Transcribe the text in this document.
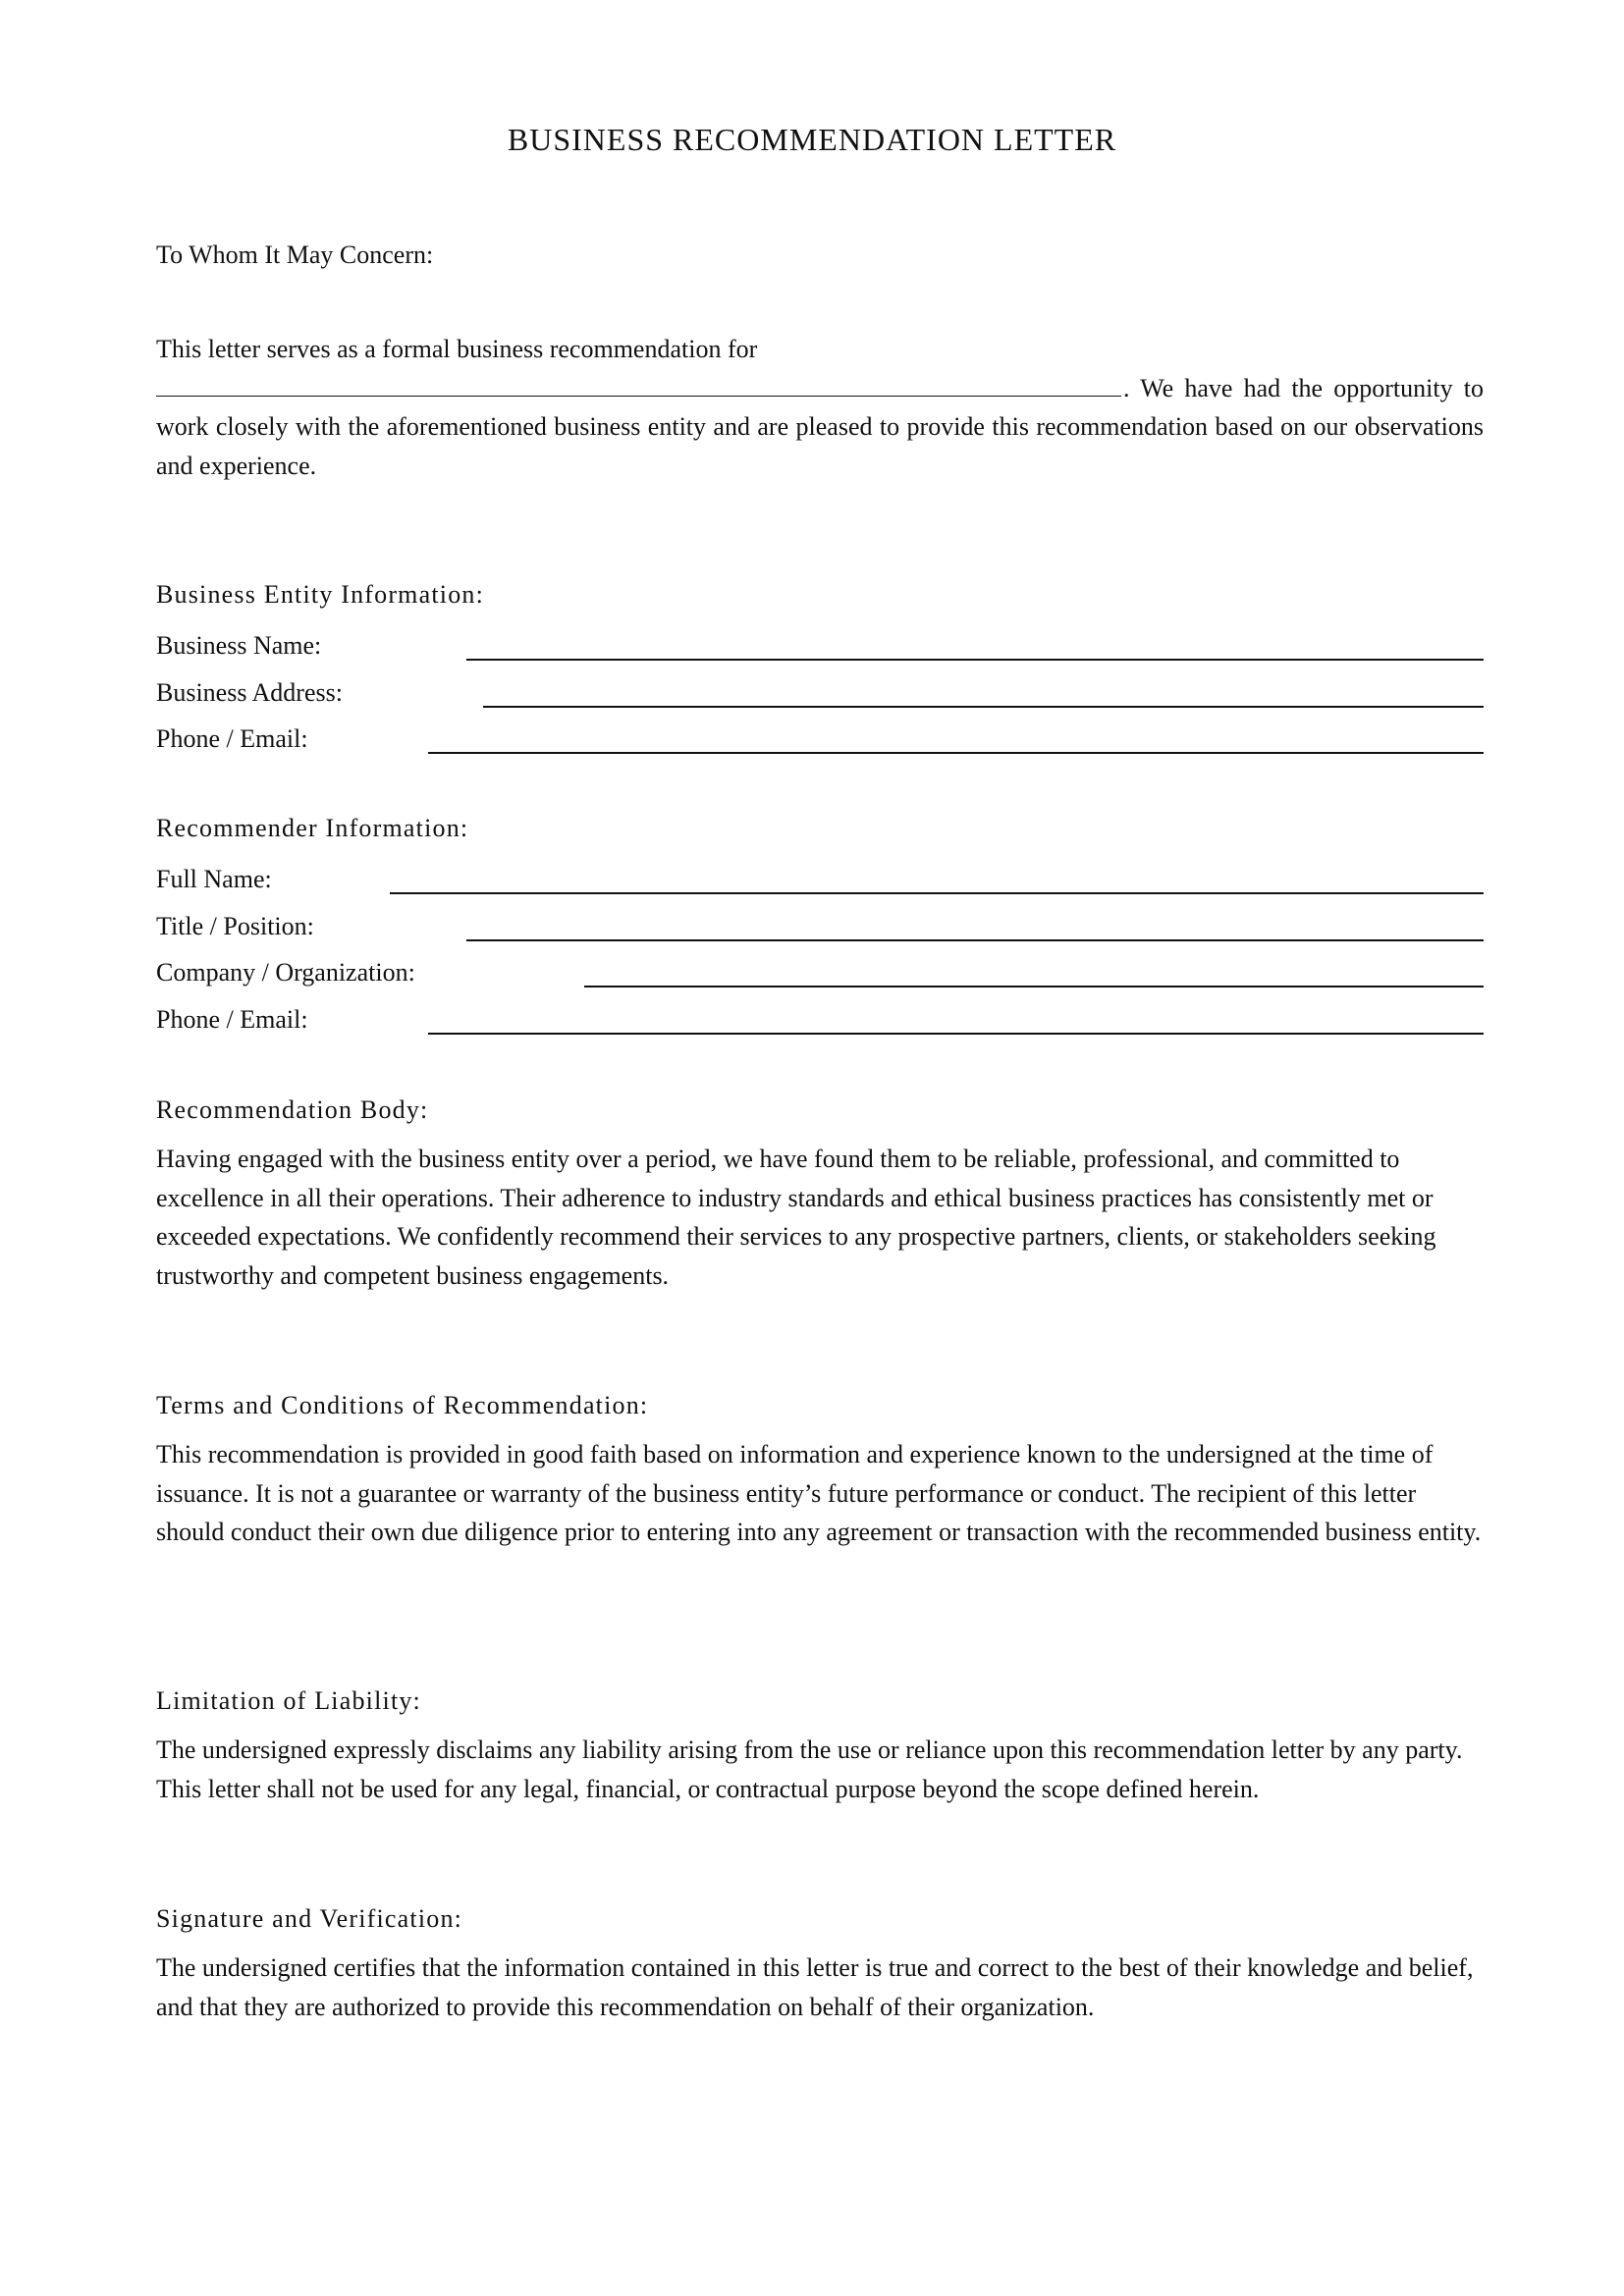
BUSINESS RECOMMENDATION LETTER
To Whom It May Concern:
This letter serves as a formal business recommendation for
. We have had the opportunity to work closely with the aforementioned business entity and are pleased to provide this recommendation based on our observations and experience.
Business Entity Information:
Business Name:
Business Address:
Phone / Email:
Recommender Information:
Full Name:
Title / Position:
Company / Organization:
Phone / Email:
Recommendation Body:
Having engaged with the business entity over a period, we have found them to be reliable, professional, and committed to excellence in all their operations. Their adherence to industry standards and ethical business practices has consistently met or exceeded expectations. We confidently recommend their services to any prospective partners, clients, or stakeholders seeking trustworthy and competent business engagements.
Terms and Conditions of Recommendation:
This recommendation is provided in good faith based on information and experience known to the undersigned at the time of issuance. It is not a guarantee or warranty of the business entity’s future performance or conduct. The recipient of this letter should conduct their own due diligence prior to entering into any agreement or transaction with the recommended business entity.
Limitation of Liability:
The undersigned expressly disclaims any liability arising from the use or reliance upon this recommendation letter by any party. This letter shall not be used for any legal, financial, or contractual purpose beyond the scope defined herein.
Signature and Verification:
The undersigned certifies that the information contained in this letter is true and correct to the best of their knowledge and belief, and that they are authorized to provide this recommendation on behalf of their organization.
